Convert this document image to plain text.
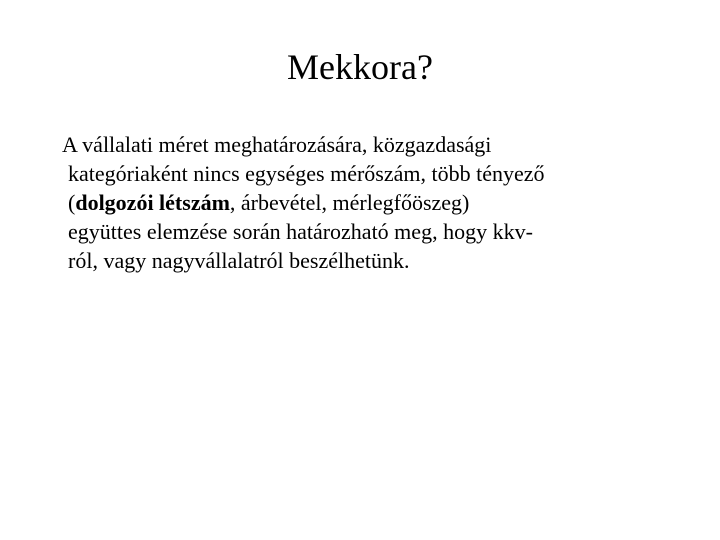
Mekkora?

A vállalati méret meghatározására, közgazdasági
kategóriaként nincs egységes mérőszám, több tényező
(dolgozói létszám, árbevétel, mérlegfőöszeg)
együttes elemzése során határozható meg, hogy kkv-
ról, vagy nagyvállalatról beszélhetünk.
